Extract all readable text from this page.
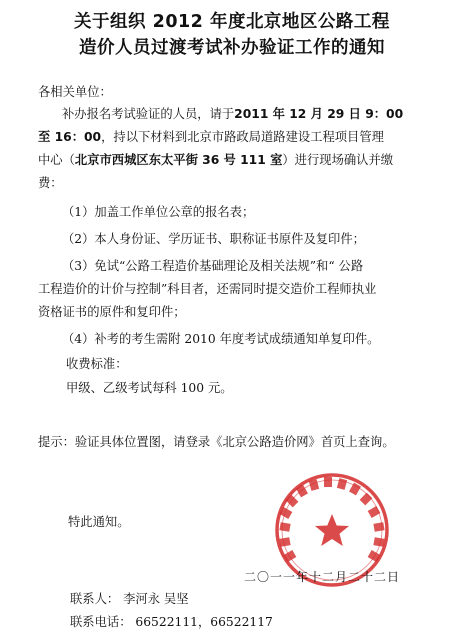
关于组织 2012 年度北京地区公路工程
造价人员过渡考试补办验证工作的通知
各相关单位：
补办报名考试验证的人员，请于2011 年 12 月 29 日 9：00
至 16：00，持以下材料到北京市路政局道路建设工程项目管理
中心（北京市西城区东太平街 36 号 111 室）进行现场确认并缴
费：
（1）加盖工作单位公章的报名表；
（2）本人身份证、学历证书、职称证书原件及复印件；
（3）免试“公路工程造价基础理论及相关法规”和“ 公路
工程造价的计价与控制”科目者，还需同时提交造价工程师执业
资格证书的原件和复印件；
（4）补考的考生需附 2010 年度考试成绩通知单复印件。
收费标准：
甲级、乙级考试每科 100 元。
提示：验证具体位置图，请登录《北京公路造价网》首页上查询。
特此通知。
二〇一一年十二月二十二日
联系人： 李河永 吴坚
联系电话： 66522111，66522117
